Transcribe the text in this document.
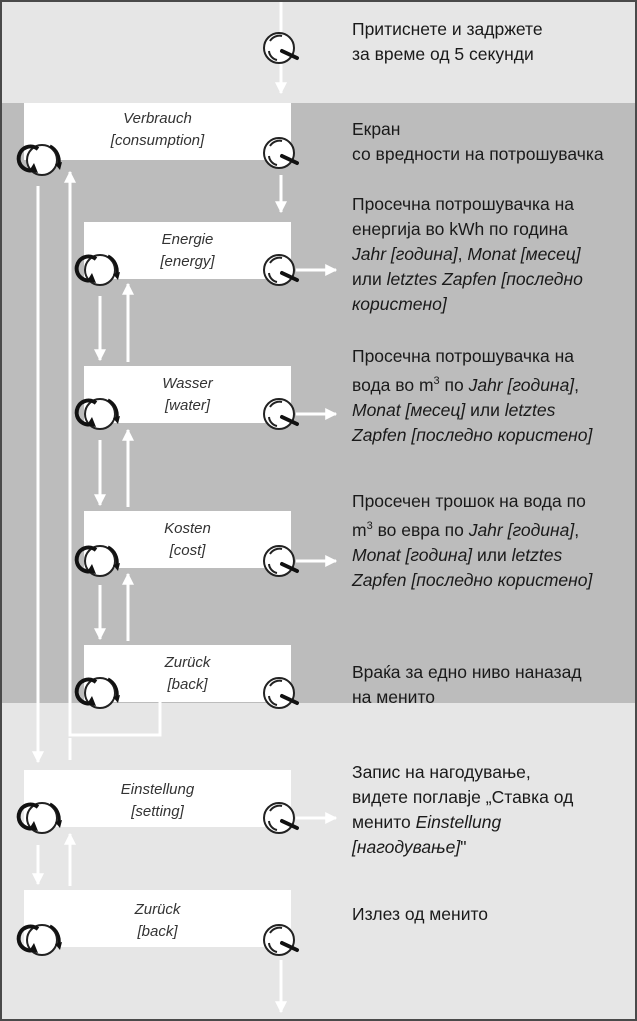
Verbrauch
[consumption]
Energie
[energy]
Wasser
[water]
Kosten
[cost]
Zurück
[back]
Einstellung
[setting]
Zurück
[back]
Притиснете и задржете
за време од 5 секунди
Екран
со вредности на потрошувачка
Просечна потрошувачка на
енергија во kWh по година
Jahr [година], Monat [месец]
или letztes Zapfen [последно
користено]
Просечна потрошувачка на
вода во $m^3$ по Jahr [година],
Monat [месец] или letztes
Zapfen [последно користено]
Просечен трошок на вода по
$m^3$ во евра по Jahr [година],
Monat [година] или letztes
Zapfen [последно користено]
Враќа за едно ниво наназад
на менито
Запис на нагодување,
видете поглавје „Ставка од
менито Einstellung
[нагодување]"
Излез од менито
